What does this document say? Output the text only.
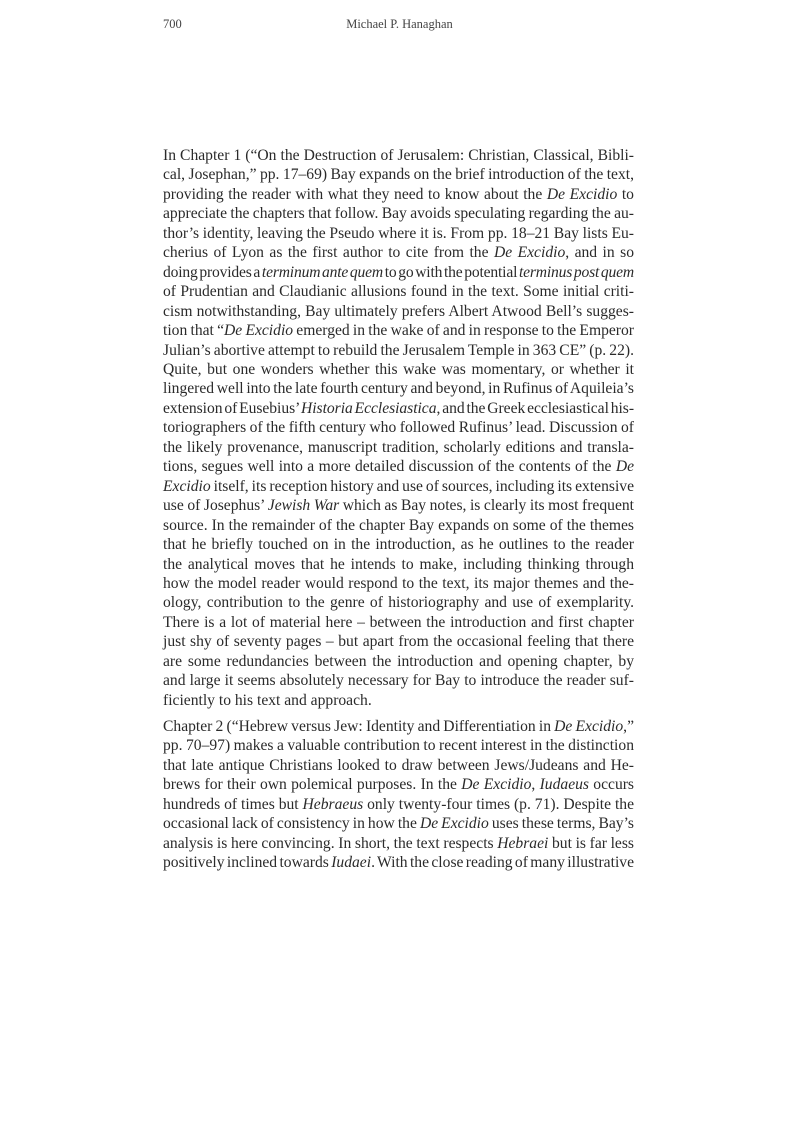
700	Michael P. Hanaghan
In Chapter 1 (“On the Destruction of Jerusalem: Christian, Classical, Bibli-
cal, Josephan,” pp. 17–69) Bay expands on the brief introduction of the text,
providing the reader with what they need to know about the De Excidio to
appreciate the chapters that follow. Bay avoids speculating regarding the au-
thor’s identity, leaving the Pseudo where it is. From pp. 18–21 Bay lists Eu-
cherius of Lyon as the first author to cite from the De Excidio, and in so
doing provides a terminum ante quem to go with the potential terminus post quem
of Prudentian and Claudianic allusions found in the text. Some initial criti-
cism notwithstanding, Bay ultimately prefers Albert Atwood Bell’s sugges-
tion that “De Excidio emerged in the wake of and in response to the Emperor
Julian’s abortive attempt to rebuild the Jerusalem Temple in 363 CE” (p. 22).
Quite, but one wonders whether this wake was momentary, or whether it
lingered well into the late fourth century and beyond, in Rufinus of Aquileia’s
extension of Eusebius’ Historia Ecclesiastica, and the Greek ecclesiastical his-
toriographers of the fifth century who followed Rufinus’ lead. Discussion of
the likely provenance, manuscript tradition, scholarly editions and transla-
tions, segues well into a more detailed discussion of the contents of the De
Excidio itself, its reception history and use of sources, including its extensive
use of Josephus’ Jewish War which as Bay notes, is clearly its most frequent
source. In the remainder of the chapter Bay expands on some of the themes
that he briefly touched on in the introduction, as he outlines to the reader
the analytical moves that he intends to make, including thinking through
how the model reader would respond to the text, its major themes and the-
ology, contribution to the genre of historiography and use of exemplarity.
There is a lot of material here – between the introduction and first chapter
just shy of seventy pages – but apart from the occasional feeling that there
are some redundancies between the introduction and opening chapter, by
and large it seems absolutely necessary for Bay to introduce the reader suf-
ficiently to his text and approach.
Chapter 2 (“Hebrew versus Jew: Identity and Differentiation in De Excidio,”
pp. 70–97) makes a valuable contribution to recent interest in the distinction
that late antique Christians looked to draw between Jews/Judeans and He-
brews for their own polemical purposes. In the De Excidio, Iudaeus occurs
hundreds of times but Hebraeus only twenty-four times (p. 71). Despite the
occasional lack of consistency in how the De Excidio uses these terms, Bay’s
analysis is here convincing. In short, the text respects Hebraei but is far less
positively inclined towards Iudaei. With the close reading of many illustrative
